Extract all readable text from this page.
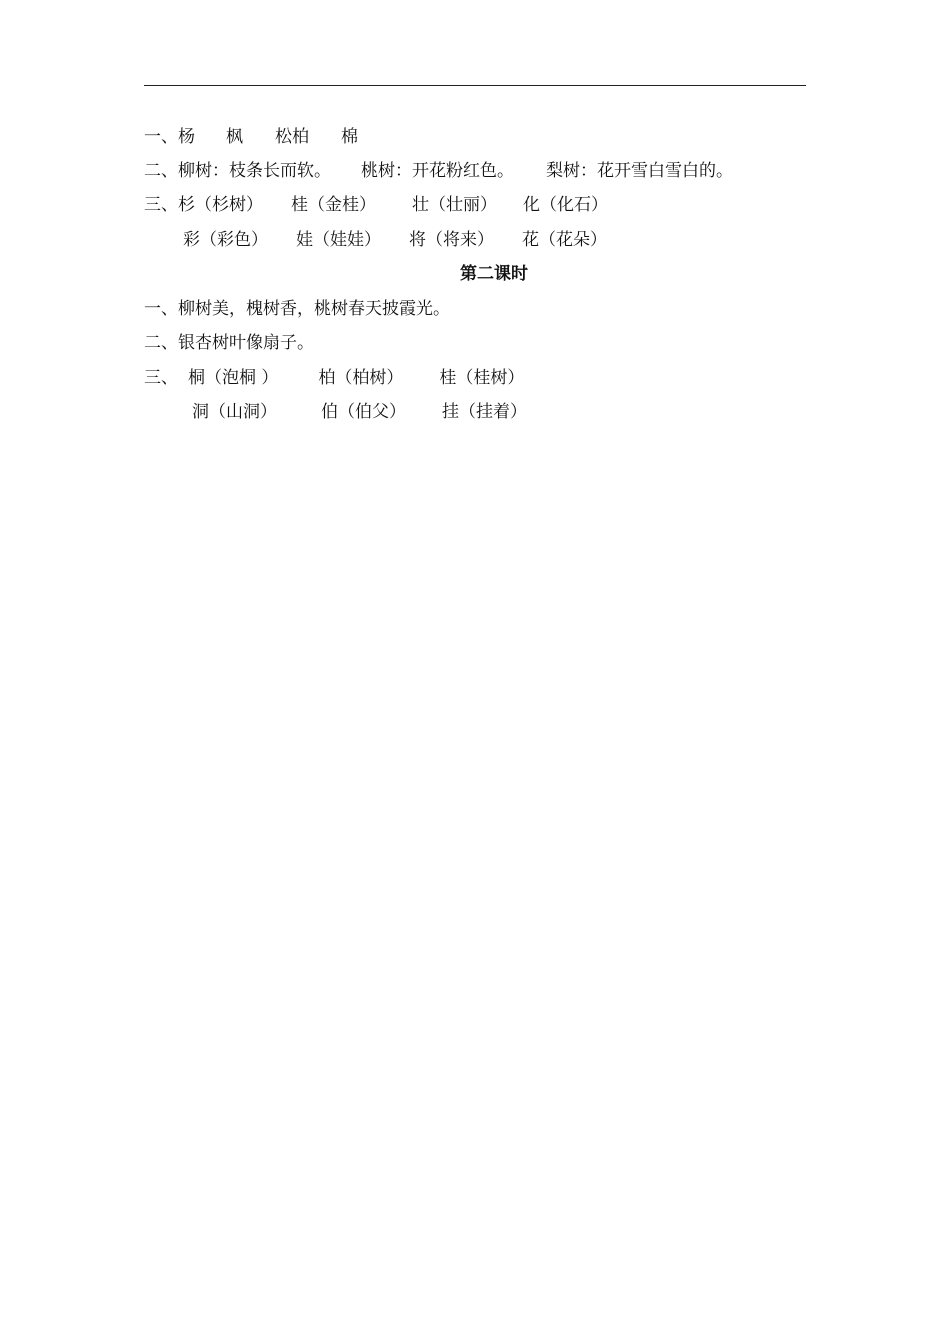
一、杨 枫 松柏 棉
二、柳树：枝条长而软。 桃树：开花粉红色。 梨树：花开雪白雪白的。
三、杉（杉树） 桂（金桂） 壮（壮丽） 化（化石）
彩（彩色） 娃（娃娃） 将（将来） 花（花朵）
第二课时
一、柳树美，槐树香，桃树春天披霞光。
二、银杏树叶像扇子。
三、 桐（泡桐 ） 柏（柏树） 桂（桂树）
洞（山洞）	伯（伯父） 挂（挂着）
